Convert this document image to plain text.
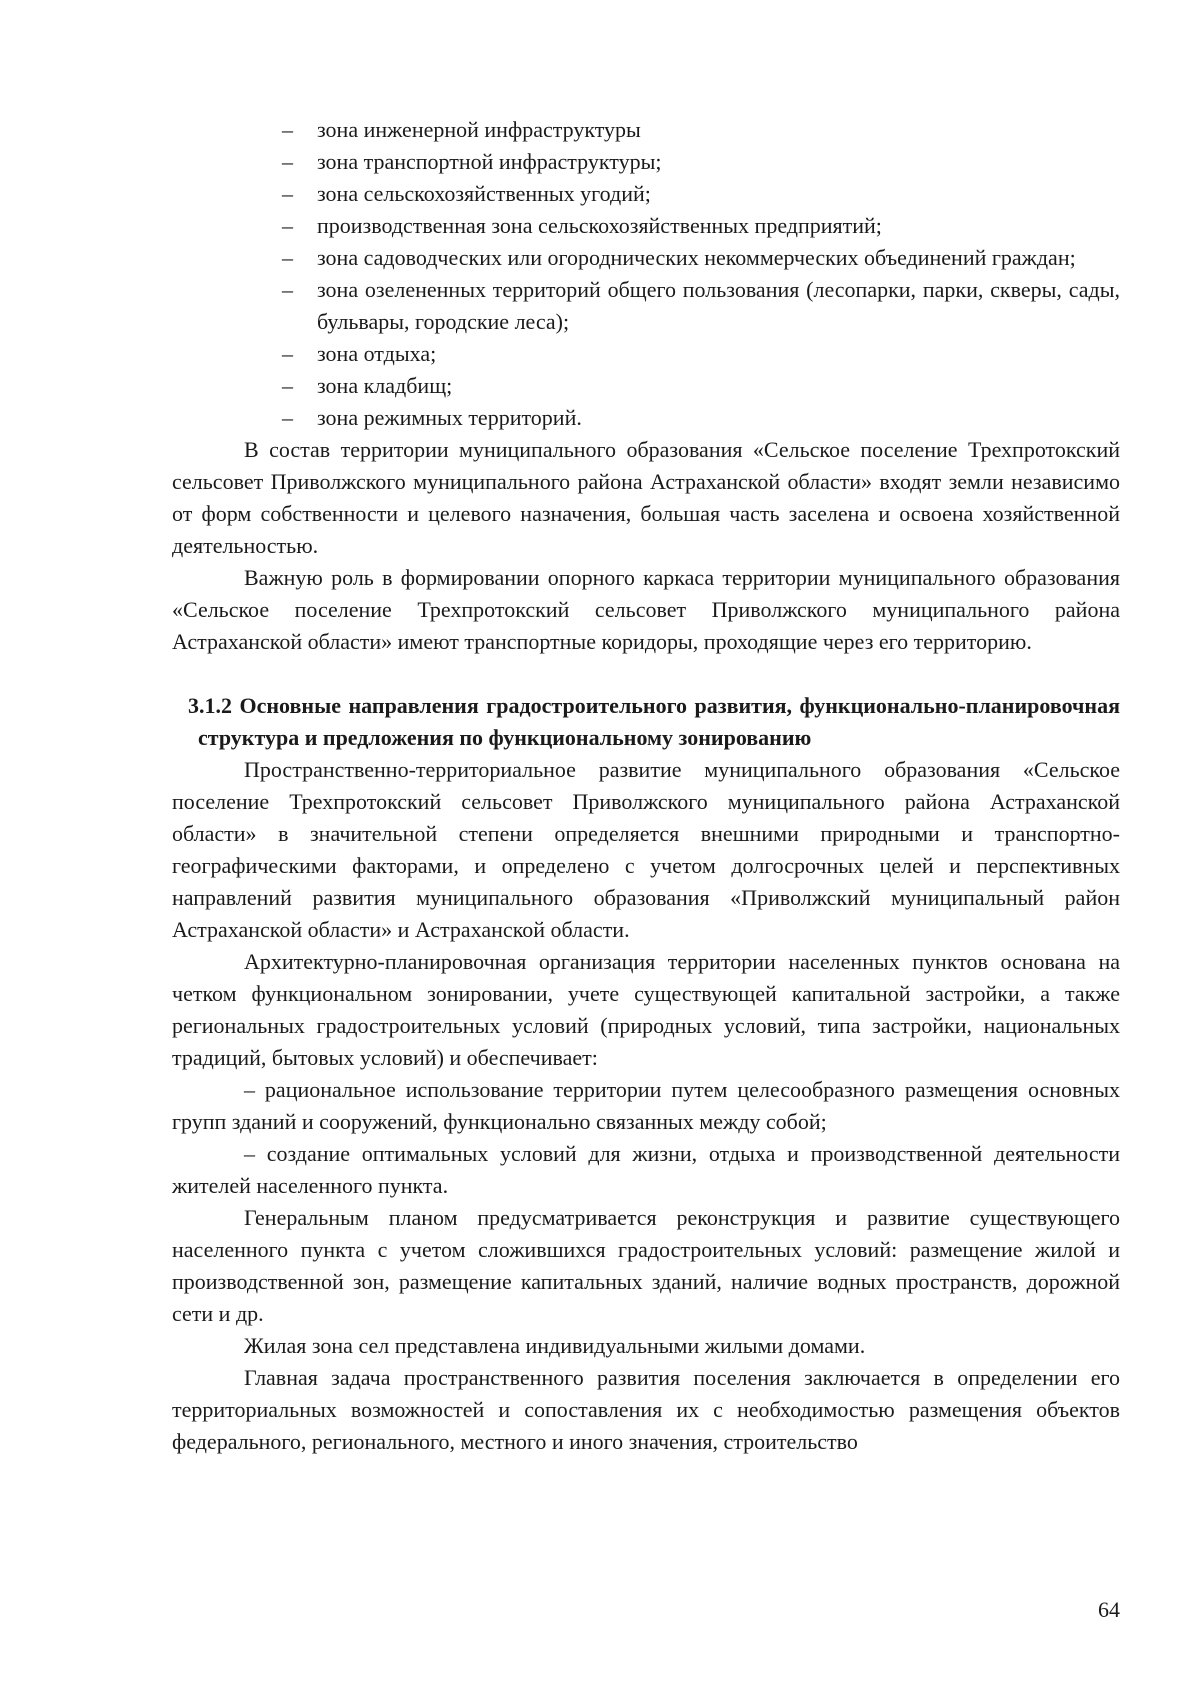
– зона инженерной инфраструктуры
– зона транспортной инфраструктуры;
– зона сельскохозяйственных угодий;
– производственная зона сельскохозяйственных предприятий;
– зона садоводческих или огороднических некоммерческих объединений граждан;
– зона озелененных территорий общего пользования (лесопарки, парки, скверы, сады, бульвары, городские леса);
– зона отдыха;
– зона кладбищ;
– зона режимных территорий.

В состав территории муниципального образования «Сельское поселение Трехпротокский сельсовет Приволжского муниципального района Астраханской области» входят земли независимо от форм собственности и целевого назначения, большая часть заселена и освоена хозяйственной деятельностью.

Важную роль в формировании опорного каркаса территории муниципального образования «Сельское поселение Трехпротокский сельсовет Приволжского муниципального района Астраханской области» имеют транспортные коридоры, проходящие через его территорию.

3.1.2 Основные направления градостроительного развития, функционально-планировочная структура и предложения по функциональному зонированию

Пространственно-территориальное развитие муниципального образования «Сельское поселение Трехпротокский сельсовет Приволжского муниципального района Астраханской области» в значительной степени определяется внешними природными и транспортно-географическими факторами, и определено с учетом долгосрочных целей и перспективных направлений развития муниципального образования «Приволжский муниципальный район Астраханской области» и Астраханской области.

Архитектурно-планировочная организация территории населенных пунктов основана на четком функциональном зонировании, учете существующей капитальной застройки, а также региональных градостроительных условий (природных условий, типа застройки, национальных традиций, бытовых условий) и обеспечивает:

– рациональное использование территории путем целесообразного размещения основных групп зданий и сооружений, функционально связанных между собой;

– создание оптимальных условий для жизни, отдыха и производственной деятельности жителей населенного пункта.

Генеральным планом предусматривается реконструкция и развитие существующего населенного пункта с учетом сложившихся градостроительных условий: размещение жилой и производственной зон, размещение капитальных зданий, наличие водных пространств, дорожной сети и др.

Жилая зона сел представлена индивидуальными жилыми домами.

Главная задача пространственного развития поселения заключается в определении его территориальных возможностей и сопоставления их с необходимостью размещения объектов федерального, регионального, местного и иного значения, строительство

64
